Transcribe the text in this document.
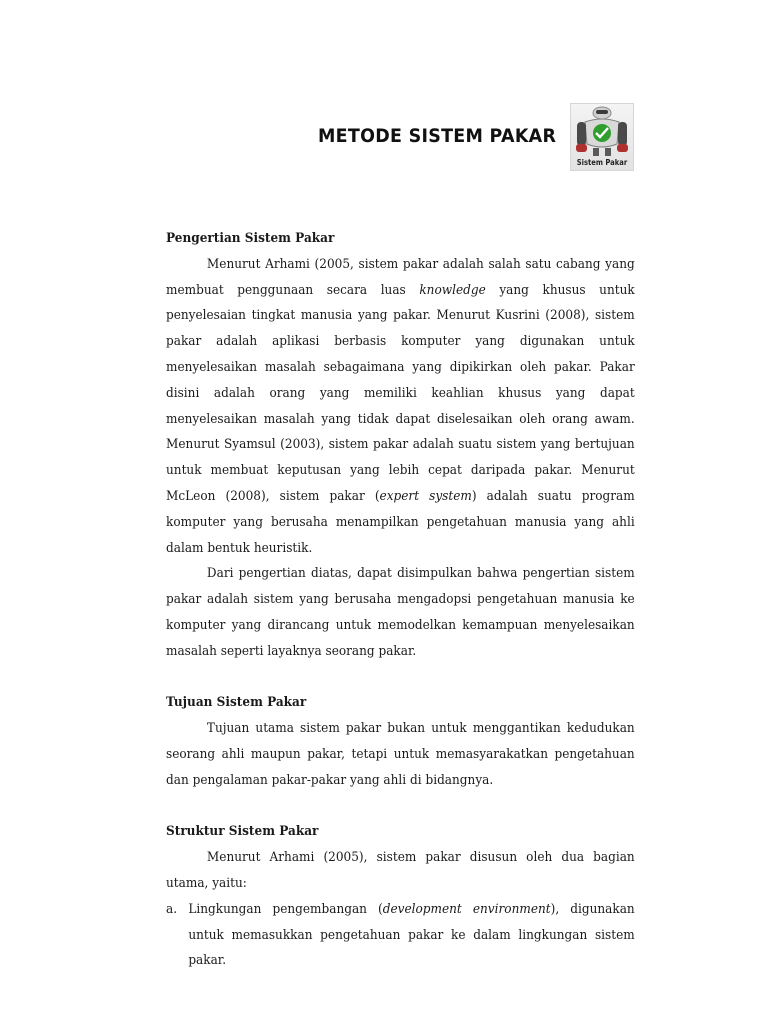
METODE SISTEM PAKAR
Sistem Pakar
Pengertian Sistem Pakar

Menurut Arhami (2005, sistem pakar adalah salah satu cabang yang membuat penggunaan secara luas knowledge yang khusus untuk penyelesaian tingkat manusia yang pakar. Menurut Kusrini (2008), sistem pakar adalah aplikasi berbasis komputer yang digunakan untuk menyelesaikan masalah sebagaimana yang dipikirkan oleh pakar. Pakar disini adalah orang yang memiliki keahlian khusus yang dapat menyelesaikan masalah yang tidak dapat diselesaikan oleh orang awam. Menurut Syamsul (2003), sistem pakar adalah suatu sistem yang bertujuan untuk membuat keputusan yang lebih cepat daripada pakar. Menurut McLeon (2008), sistem pakar (expert system) adalah suatu program komputer yang berusaha menampilkan pengetahuan manusia yang ahli dalam bentuk heuristik.

Dari pengertian diatas, dapat disimpulkan bahwa pengertian sistem pakar adalah sistem yang berusaha mengadopsi pengetahuan manusia ke komputer yang dirancang untuk memodelkan kemampuan menyelesaikan masalah seperti layaknya seorang pakar.

Tujuan Sistem Pakar

Tujuan utama sistem pakar bukan untuk menggantikan kedudukan seorang ahli maupun pakar, tetapi untuk memasyarakatkan pengetahuan dan pengalaman pakar-pakar yang ahli di bidangnya.

Struktur Sistem Pakar

Menurut Arhami (2005), sistem pakar disusun oleh dua bagian utama, yaitu:

a. Lingkungan pengembangan (development environment), digunakan untuk memasukkan pengetahuan pakar ke dalam lingkungan sistem pakar.
